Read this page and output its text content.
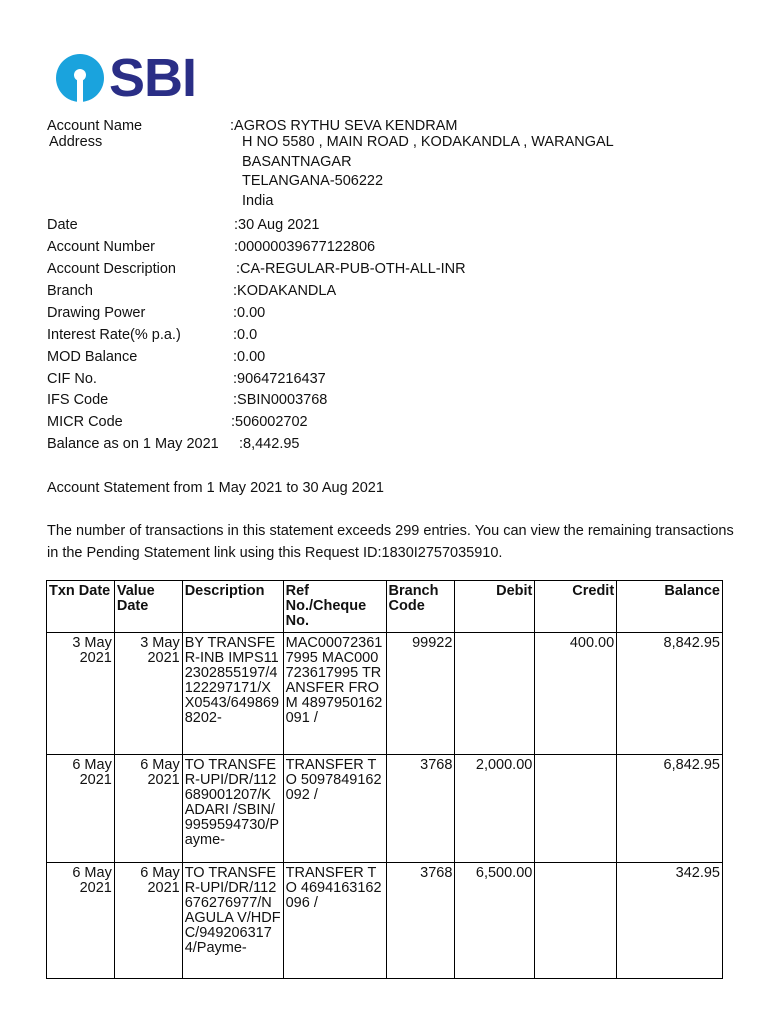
SBI
Account Name	:AGROS RYTHU SEVA KENDRAM
Address	H NO 5580 , MAIN ROAD , KODAKANDLA , WARANGAL
BASANTNAGAR
TELANGANA-506222
India
Date	:30 Aug 2021
Account Number	:00000039677122806
Account Description	:CA-REGULAR-PUB-OTH-ALL-INR
Branch	:KODAKANDLA
Drawing Power	:0.00
Interest Rate(% p.a.)	:0.0
MOD Balance	:0.00
CIF No.	:90647216437
IFS Code	:SBIN0003768
MICR Code	:506002702
Balance as on 1 May 2021 :8,442.95
Account Statement from 1 May 2021 to 30 Aug 2021
The number of transactions in this statement exceeds 299 entries. You can view the remaining transactions in the Pending Statement link using this Request ID:1830I2757035910.
Txn Date	Value Date	Description	Ref No./Cheque No.	Branch Code	Debit	Credit	Balance
3 May 2021	3 May 2021	BY TRANSFER-INB IMPS112302855197/4122297171/XX0543/6498698202-	MAC000723617995 MAC000723617995 TRANSFER FROM 4897950162091 /	99922		400.00	8,842.95
6 May 2021	6 May 2021	TO TRANSFER-UPI/DR/112689001207/KADARI /SBIN/9959594730/Payme-	TRANSFER TO 5097849162092 /	3768	2,000.00		6,842.95
6 May 2021	6 May 2021	TO TRANSFER-UPI/DR/112676276977/NAGULA V/HDFC/9492063174/Payme-	TRANSFER TO 4694163162096 /	3768	6,500.00		342.95
